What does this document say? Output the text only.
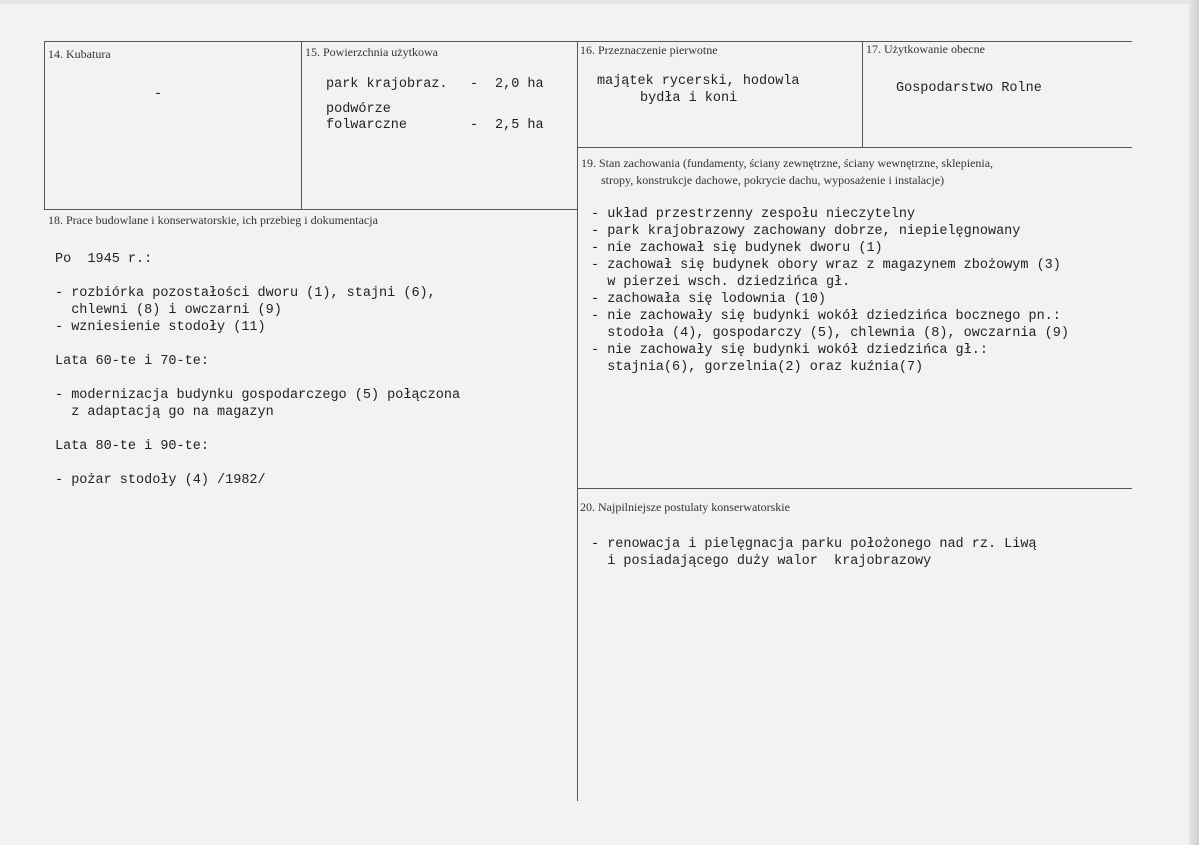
14. Kubatura
-
15. Powierzchnia użytkowa
park krajobraz. - 2,0 ha
podwórze
folwarczne	- 2,5 ha
16. Przeznaczenie pierwotne
majątek rycerski, hodowla
bydła i koni
17. Użytkowanie obecne
Gospodarstwo Rolne
18. Prace budowlane i konserwatorskie, ich przebieg i dokumentacja
Po  1945 r.:
- rozbiórka pozostałości dworu (1), stajni (6),
chlewni (8) i owczarni (9)
- wzniesienie stodoły (11)
Lata 60-te i 70-te:
- modernizacja budynku gospodarczego (5) połączona
z adaptacją go na magazyn
Lata 80-te i 90-te:
- pożar stodoły (4) /1982/
19. Stan zachowania (fundamenty, ściany zewnętrzne, ściany wewnętrzne, sklepienia,
stropy, konstrukcje dachowe, pokrycie dachu, wyposażenie i instalacje)
- układ przestrzenny zespołu nieczytelny
- park krajobrazowy zachowany dobrze, niepielęgnowany
- nie zachował się budynek dworu (1)
- zachował się budynek obory wraz z magazynem zbożowym (3)
w pierzei wsch. dziedzińca gł.
- zachowała się lodownia (10)
- nie zachowały się budynki wokół dziedzińca bocznego pn.:
stodoła (4), gospodarczy (5), chlewnia (8), owczarnia (9)
- nie zachowały się budynki wokół dziedzińca gł.:
stajnia(6), gorzelnia(2) oraz kuźnia(7)
20. Najpilniejsze postulaty konserwatorskie
- renowacja i pielęgnacja parku położonego nad rz. Liwą
i posiadającego duży walor  krajobrazowy
